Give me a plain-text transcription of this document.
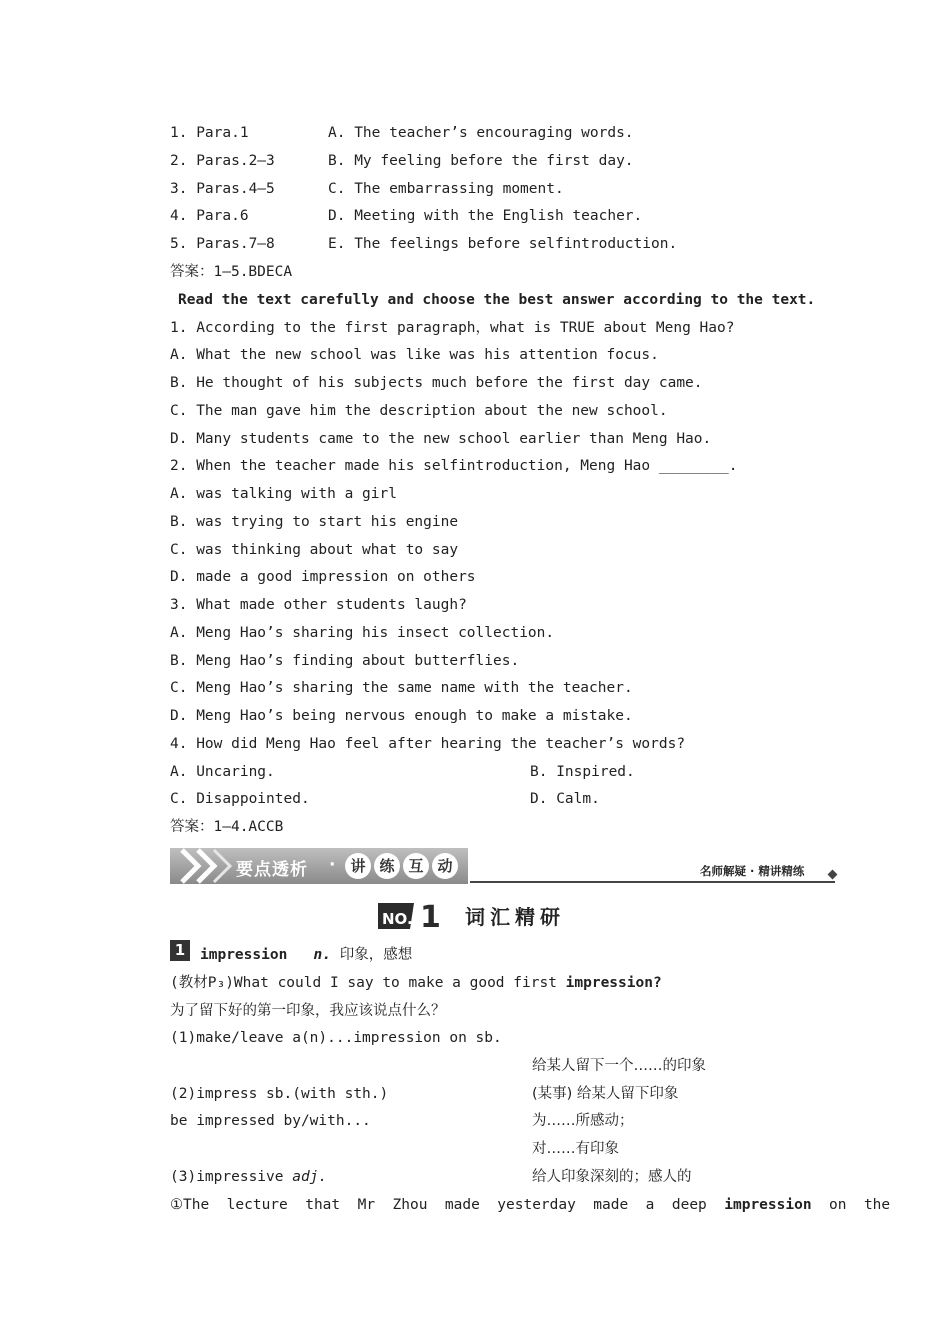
1. Para.1	A. The teacher’s encouraging words.
2. Paras.2—3	B. My feeling before the first day.
3. Paras.4—5	C. The embarrassing moment.
4. Para.6	D. Meeting with the English teacher.
5. Paras.7—8	E. The feelings before selfintroduction.
答案：1—5.BDECA
Read the text carefully and choose the best answer according to the text.
1. According to the first paragraph，what is TRUE about Meng Hao?
A. What the new school was like was his attention focus.
B. He thought of his subjects much before the first day came.
C. The man gave him the description about the new school.
D. Many students came to the new school earlier than Meng Hao.
2. When the teacher made his selfintroduction, Meng Hao ________.
A. was talking with a girl
B. was trying to start his engine
C. was thinking about what to say
D. made a good impression on others
3. What made other students laugh?
A. Meng Hao’s sharing his insect collection.
B. Meng Hao’s finding about butterflies.
C. Meng Hao’s sharing the same name with the teacher.
D. Meng Hao’s being nervous enough to make a mistake.
4. How did Meng Hao feel after hearing the teacher’s words?
A. Uncaring.	B. Inspired.
C. Disappointed.	D. Calm.
答案：1—4.ACCB
要点透析 ·	讲 练 互 动	名师解疑 · 精讲精练
NO. 1 词汇精研
1	impression n. 印象，感想
(教材P₃)What could I say to make a good first impression?
为了留下好的第一印象，我应该说点什么？
(1)make/leave a(n)...impression on sb.
给某人留下一个……的印象
(2)impress sb.(with sth.)	(某事) 给某人留下印象
be impressed by/with...	为……所感动；
对……有印象
(3)impressive adj.	给人印象深刻的；感人的
①The  lecture  that  Mr  Zhou  made  yesterday  made  a  deep  impression  on  the
